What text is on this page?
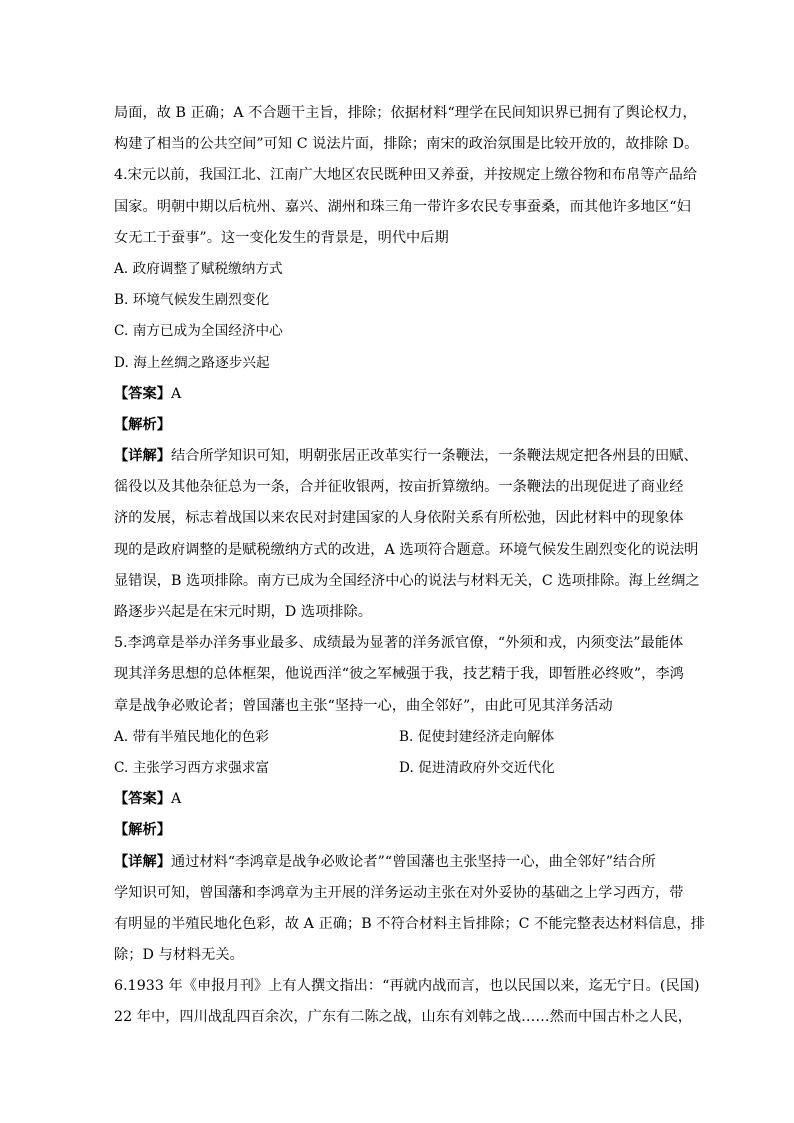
局面，故 B 正确；A 不合题干主旨，排除；依据材料“理学在民间知识界已拥有了舆论权力，
构建了相当的公共空间”可知 C 说法片面，排除；南宋的政治氛围是比较开放的，故排除 D。
4.宋元以前，我国江北、江南广大地区农民既种田又养蚕，并按规定上缴谷物和布帛等产品给
国家。明朝中期以后杭州、嘉兴、湖州和珠三角一带许多农民专事蚕桑，而其他许多地区“妇
女无工于蚕事”。这一变化发生的背景是，明代中后期
A. 政府调整了赋税缴纳方式
B. 环境气候发生剧烈变化
C. 南方已成为全国经济中心
D. 海上丝绸之路逐步兴起
【答案】A
【解析】
【详解】结合所学知识可知，明朝张居正改革实行一条鞭法，一条鞭法规定把各州县的田赋、
徭役以及其他杂征总为一条，合并征收银两，按亩折算缴纳。一条鞭法的出现促进了商业经
济的发展，标志着战国以来农民对封建国家的人身依附关系有所松弛，因此材料中的现象体
现的是政府调整的是赋税缴纳方式的改进，A 选项符合题意。环境气候发生剧烈变化的说法明
显错误，B 选项排除。南方已成为全国经济中心的说法与材料无关，C 选项排除。海上丝绸之
路逐步兴起是在宋元时期，D 选项排除。
5.李鸿章是举办洋务事业最多、成绩最为显著的洋务派官僚，“外须和戎，内须变法”最能体
现其洋务思想的总体框架，他说西洋“彼之军械强于我，技艺精于我，即暂胜必终败”，李鸿
章是战争必败论者；曾国藩也主张“坚持一心，曲全邻好”，由此可见其洋务活动
A. 带有半殖民地化的色彩	B. 促使封建经济走向解体
C. 主张学习西方求强求富	D. 促进清政府外交近代化
【答案】A
【解析】
【详解】通过材料“李鸿章是战争必败论者”“曾国藩也主张坚持一心，曲全邻好”结合所
学知识可知，曾国藩和李鸿章为主开展的洋务运动主张在对外妥协的基础之上学习西方，带
有明显的半殖民地化色彩，故 A 正确；B 不符合材料主旨排除；C 不能完整表达材料信息，排
除；D 与材料无关。
6.1933 年《申报月刊》上有人撰文指出：“再就内战而言，也以民国以来，迄无宁日。(民国)
22 年中，四川战乱四百余次，广东有二陈之战，山东有刘韩之战……然而中国古朴之人民，
